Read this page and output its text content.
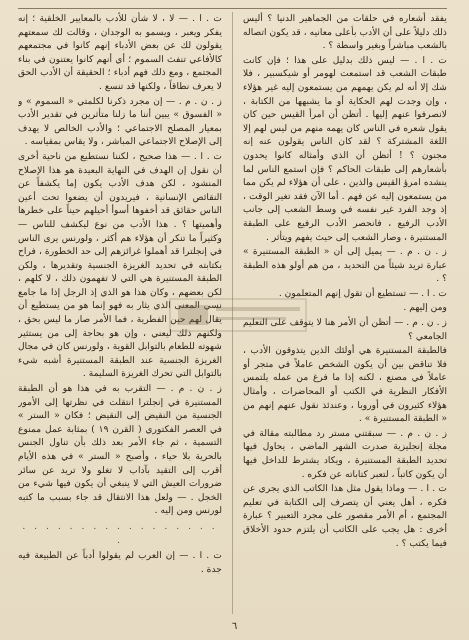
يفقد أشعاره في حلقات من الجماهير الدنيا ؟ أليس ذلك دليلاً على أن الأدب بأعلى معانيه ، قد يكون اتصاله بالشعب مباشراً وبغير واسطة ؟ .

ت . ا . — ليس ذلك بدليل على هذا ؛ فإن كانت طبقات الشعب قد استمعت لهومر أو شيكسبير ، فلا شك إلا أنه لم يكن يهمهم من يستمعون إليه غير هؤلاء ، وإن وجدت لهم الحكاية أو ما يشبهها من الكتابة ، لانصرفوا عنهم إليها . أتظن أن امرأ القيس حين كان يقول شعره في الناس كان يهمه منهم من ليس لهم إلا اللغة المشتركة ؟ لقد كان الناس يقولون عنه إنه مجنون ؟ ! أتظن أن الذي وأمثاله كانوا يحدون بأشعارهم إلى طبقات الحاكم ؟ فإن استمع الناس لما ينشده امرؤ القيس والذين ، على أن هؤلاء لم يكن مما من يستمعون إليه عن فهم . أما الآن فقد تغير الوقت ، إذ وجد الفرد غير نفسه في وسط الشعب إلى جانب الأدب الرفيع ، فانحصر الأدب الرفيع على الطبقة المستنيرة ، وصار الشعب إلى حيث يفهم ويتأثر .

ز . ن . م . — يميل إلى أن « الطبقة المستنيرة » عبارة تريد شيئاً من التحديد ، من هم أولو هذه الطبقة ؟ .

ت . ا . — تستطيع أن تقول إنهم المتعلمون .

ومن إليهم .

ز . ن . م . — أتظن أن الأمر هنا لا يتوقف على التعليم الجامعي ؟

فالطبقة المستنيرة هي أولئك الذين يتذوقون الأدب ، فلا تناقض بين أن يكون الشخص عاملاً في متجر أو عاملاً في مصنع ، لكنه إذا ما فرغ من عمله يلتمس الأفكار النظرية في الكتب أو المحاضرات ، وأمثال هؤلاء كثيرون في أوروبا ، وعندئذ نقول عنهم إنهم من « الطبقة المستنيرة » .

ز . ن . م . — سبقتني مستر رد مطالبته مقالة في مجلة إنجليزية صدرت الشهر الماضي ، يحاول فيها تحديد الطبقة المستنيرة ، ويكاد يشترط للداخل فيها أن يكون كاتباً ، لتعبر كتاباته عن فكره .

ت . ا . — وماذا يقول مثل هذا الكاتب الذي يجري عن فكره ، أهل يعني أن يتصرف إلى الكتابة في تعليم المجتمع ، أم الأمر مقصور على مجرد التعبير ؟ عبارة أخرى : هل يجب على الكاتب أن يلتزم حدود الأخلاق فيما يكتب ؟ .

ت . ا . — لا ، لا شأن للأدب بالمعايير الخلقية ؛ إنه يفكر ويعبر ، ويسمو به الوجدان ، وقالت لك سمعتهم يقولون لك عن بعض الأدباء إنهم كانوا في مجتمعهم كالأفاعي تنفث السموم ؛ أي أنهم كانوا يعتنون في بناء المجتمع ، ومع ذلك فهم أدباء ؛ الحقيقة أن الأدب الحق لا يعرف نطاقاً ، ولكنها قد تنسع .

ز . ن . م . — إن مجرد ذكرنا لكلمتي « السموم » و « الفسوق » يبين أننا ما زلنا متأثرين في تقدير الأدب بمعيار المصلح الاجتماعي ؛ والأدب الخالص لا يهدف إلى الإصلاح الاجتماعي المباشر ، ولا يقاس بمقياسه .

ت . ا . — هذا صحيح ، لكننا نستطيع من ناحية أخرى أن نقول إن الهدف في النهاية البعيدة هو هذا الإصلاح المنشود ، لكن هدف الأدب يكون إما يكشفاً عن النقائص الإنسانية ، فيريدون أن يضعوا تحت أعين الناس حقائق قد أخفوها أسوأ أحيلهم حيناً على خطرها وأهميتها ؟ . هذا الأدب من نوع ليكشف للناس — وكثيراً ما تنكر أن هؤلاء هم أكثر ، ولورنس يرى الناس في إنجلترا قد أهملوا غرائزهم إلى حد الخطورة ، فراح بكتابته في تحديد الغريزة الجنسية وتقديرها ، ولكن الطبقة المستنيرة هي التي لا تفهمون ذلك ، لا كلهم ، لكن بعضهم ، وكان هذا هو الذي إذ الرجل إذا ما جامع نسي المعنى الذي يثار به فهو إنما هو من يستطيع أن يقال لهم حين الفطرية ، فما الأمر صار ما ليس بحق ، ولكنهم ذلك ليعني ، وإن هو بحاجة إلى من يستثير شهوته للطعام بالتوابل القوية ، ولورنس كان في مجال الغريزة الجنسية عند الطبقة المستنيرة أشبه شيء بالتوابل التي تحرك الغريزة السليمة .

ز . ن . م . — التقرب به في هذا هو أن الطبقة المستنيرة في إنجلترا انتقلت في نظرتها إلى الأمور الجنسية من النقيض إلى النقيض ؛ فكان « الستر » في العصر الفكتوري ( القرن ١٩ ) بمثابة عمل ممنوع التسمية ، ثم جاء الأمر بعد ذلك بأن تناول الجنس بالحرية بلا حياء ، وأصبح « الستر » في هذه الأيام أقرب إلى التقيد بآداب لا تغلو ولا تريد عن سائر ضرورات العيش التي لا ينبغي أن يكون فيها شيء من الخجل . — ولعل هذا الانتقال قد جاء بسبب ما كتبه لورنس ومن إليه .

. . . . . . . . . . . . . . . . . .

ت . ا . — إن العرب لم يقولوا أدباً عن الطبيعة فيه جدة .

٦
